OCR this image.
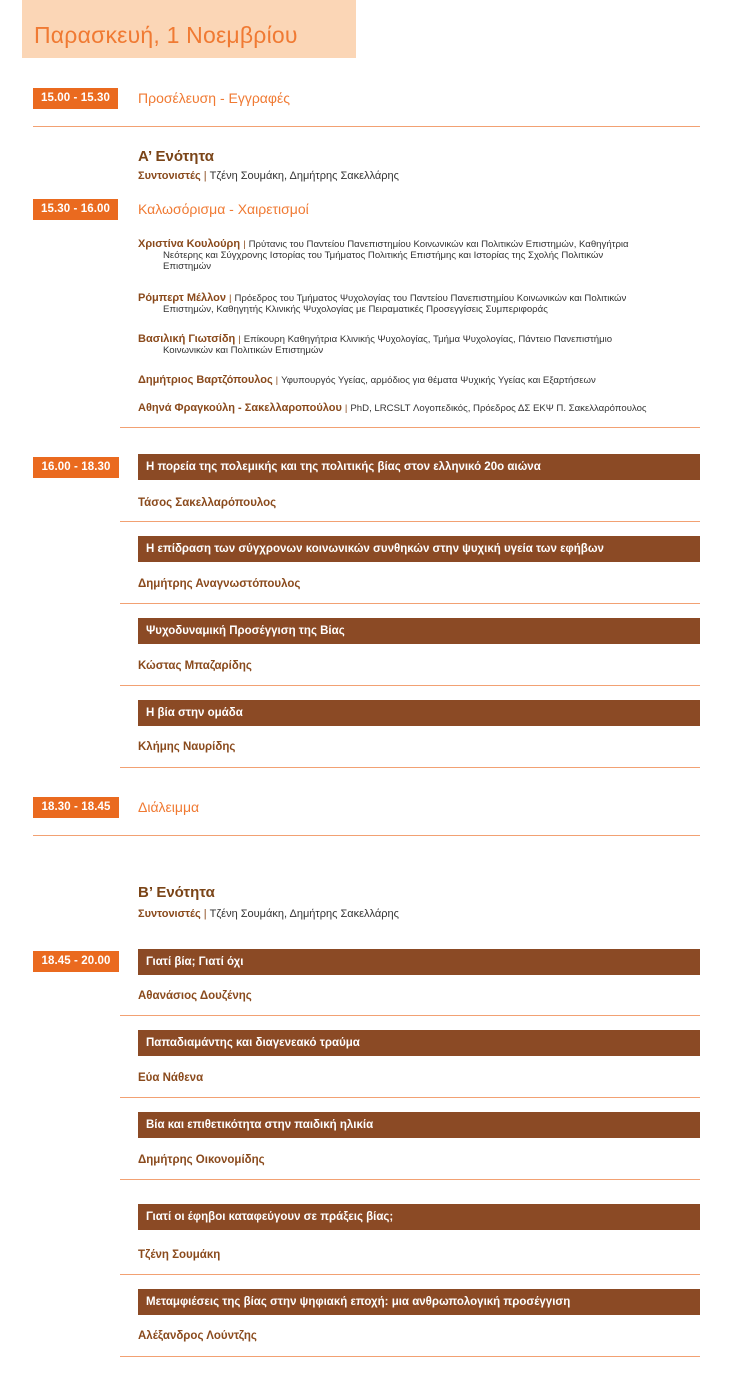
Παρασκευή, 1 Νοεμβρίου
15.00 - 15.30	Προσέλευση - Εγγραφές
Α’ Ενότητα
Συντονιστές | Τζένη Σουμάκη, Δημήτρης Σακελλάρης
15.30 - 16.00	Καλωσόρισμα - Χαιρετισμοί
Χριστίνα Κουλούρη | Πρύτανις του Παντείου Πανεπιστημίου Κοινωνικών και Πολιτικών Επιστημών, Καθηγήτρια
Νεότερης και Σύγχρονης Ιστορίας του Τμήματος Πολιτικής Επιστήμης και Ιστορίας της Σχολής Πολιτικών
Επιστημών
Ρόμπερτ Μέλλον | Πρόεδρος του Τμήματος Ψυχολογίας του Παντείου Πανεπιστημίου Κοινωνικών και Πολιτικών
Επιστημών, Καθηγητής Κλινικής Ψυχολογίας με Πειραματικές Προσεγγίσεις Συμπεριφοράς
Βασιλική Γιωτσίδη | Επίκουρη Καθηγήτρια Κλινικής Ψυχολογίας, Τμήμα Ψυχολογίας, Πάντειο Πανεπιστήμιο
Κοινωνικών και Πολιτικών Επιστημών
Δημήτριος Βαρτζόπουλος | Υφυπουργός Υγείας, αρμόδιος για θέματα Ψυχικής Υγείας και Εξαρτήσεων
Αθηνά Φραγκούλη - Σακελλαροπούλου | PhD, LRCSLT Λογοπεδικός, Πρόεδρος ΔΣ ΕΚΨ Π. Σακελλαρόπουλος
16.00 - 18.30	Η πορεία της πολεμικής και της πολιτικής βίας στον ελληνικό 20ο αιώνα
Τάσος Σακελλαρόπουλος
Η επίδραση των σύγχρονων κοινωνικών συνθηκών στην ψυχική υγεία των εφήβων
Δημήτρης Αναγνωστόπουλος
Ψυχοδυναμική Προσέγγιση της Βίας
Κώστας Μπαζαρίδης
Η βία στην ομάδα
Κλήμης Ναυρίδης
18.30 - 18.45	Διάλειμμα
Β’ Ενότητα
Συντονιστές | Τζένη Σουμάκη, Δημήτρης Σακελλάρης
18.45 - 20.00	Γιατί βία; Γιατί όχι
Αθανάσιος Δουζένης
Παπαδιαμάντης και διαγενεακό τραύμα
Εύα Νάθενα
Βία και επιθετικότητα στην παιδική ηλικία
Δημήτρης Οικονομίδης
Γιατί οι έφηβοι καταφεύγουν σε πράξεις βίας;
Τζένη Σουμάκη
Μεταμφιέσεις της βίας στην ψηφιακή εποχή: μια ανθρωπολογική προσέγγιση
Αλέξανδρος Λούντζης
